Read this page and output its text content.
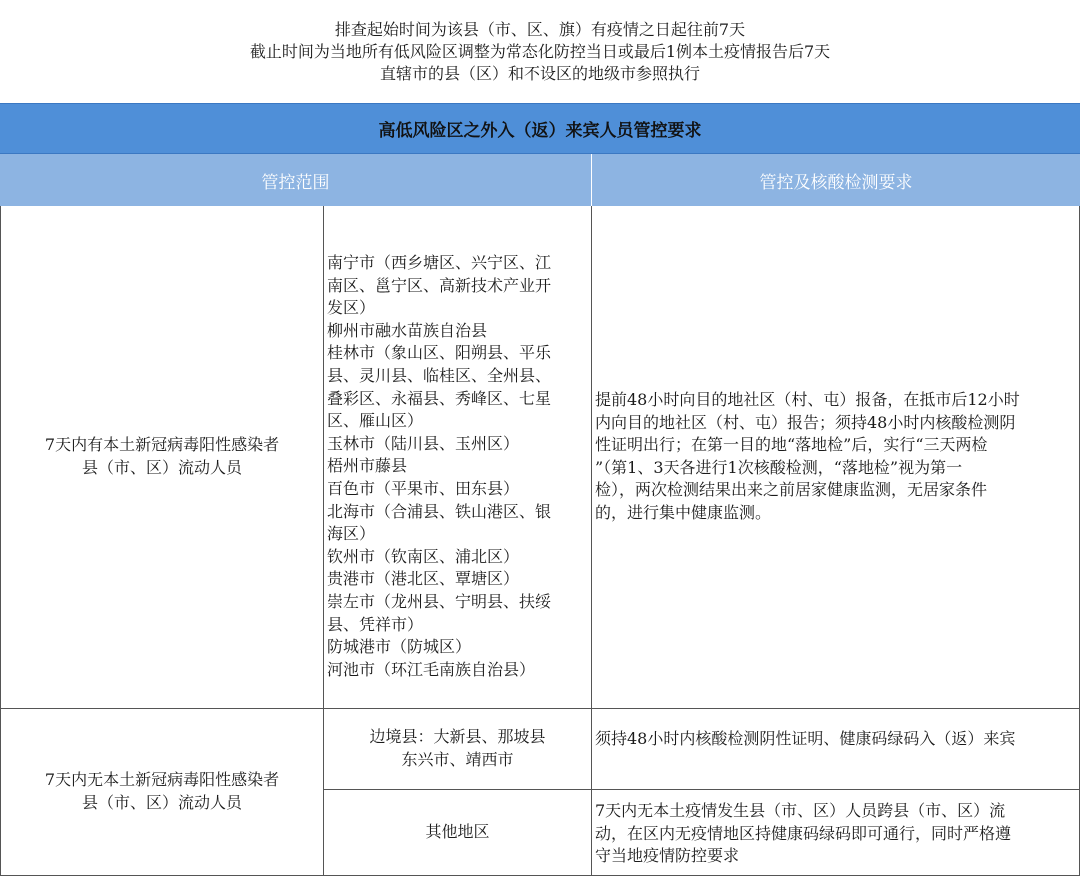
排查起始时间为该县（市、区、旗）有疫情之日起往前7天
截止时间为当地所有低风险区调整为常态化防控当日或最后1例本土疫情报告后7天
直辖市的县（区）和不设区的地级市参照执行
高低风险区之外入（返）来宾人员管控要求
管控范围	管控及核酸检测要求
7天内有本土新冠病毒阳性感染者
县（市、区）流动人员
南宁市（西乡塘区、兴宁区、江
南区、邕宁区、高新技术产业开
发区）
柳州市融水苗族自治县
桂林市（象山区、阳朔县、平乐
县、灵川县、临桂区、全州县、
叠彩区、永福县、秀峰区、七星
区、雁山区）
玉林市（陆川县、玉州区）
梧州市藤县
百色市（平果市、田东县）
北海市（合浦县、铁山港区、银
海区）
钦州市（钦南区、浦北区）
贵港市（港北区、覃塘区）
崇左市（龙州县、宁明县、扶绥
县、凭祥市）
防城港市（防城区）
河池市（环江毛南族自治县）
提前48小时向目的地社区（村、屯）报备，在抵市后12小时
内向目的地社区（村、屯）报告；须持48小时内核酸检测阴
性证明出行；在第一目的地“落地检”后，实行“三天两检
”（第1、3天各进行1次核酸检测，“落地检”视为第一
检），两次检测结果出来之前居家健康监测，无居家条件
的，进行集中健康监测。
7天内无本土新冠病毒阳性感染者
县（市、区）流动人员
边境县：大新县、那坡县
东兴市、靖西市
须持48小时内核酸检测阴性证明、健康码绿码入（返）来宾
其他地区
7天内无本土疫情发生县（市、区）人员跨县（市、区）流
动，在区内无疫情地区持健康码绿码即可通行，同时严格遵
守当地疫情防控要求
